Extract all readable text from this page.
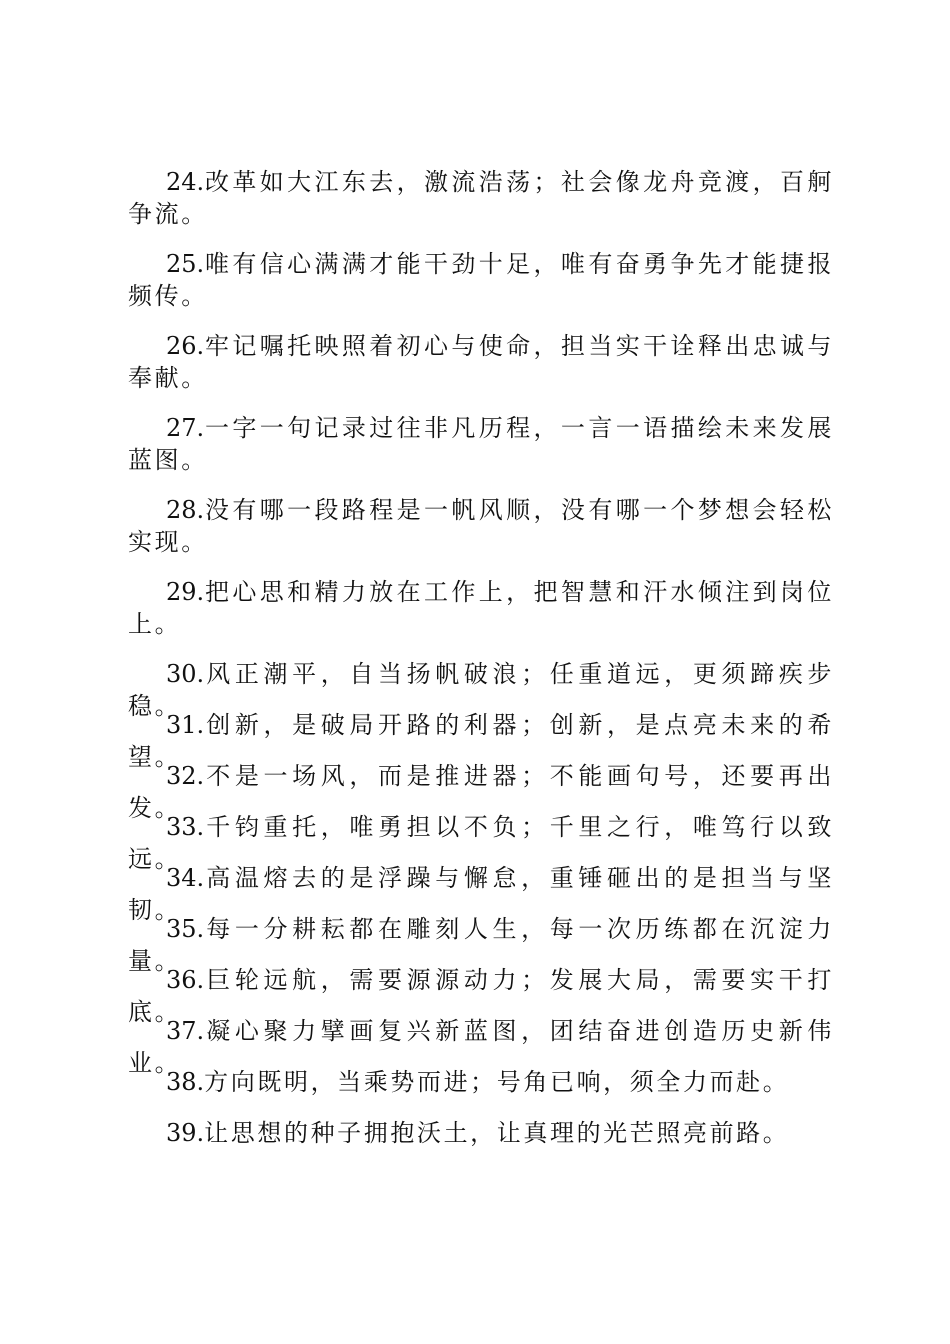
24.改革如大江东去，激流浩荡；社会像龙舟竞渡，百舸争流。

25.唯有信心满满才能干劲十足，唯有奋勇争先才能捷报频传。

26.牢记嘱托映照着初心与使命，担当实干诠释出忠诚与奉献。

27.一字一句记录过往非凡历程，一言一语描绘未来发展蓝图。

28.没有哪一段路程是一帆风顺，没有哪一个梦想会轻松实现。

29.把心思和精力放在工作上，把智慧和汗水倾注到岗位上。

30.风正潮平，自当扬帆破浪；任重道远，更须蹄疾步稳。

31.创新，是破局开路的利器；创新，是点亮未来的希望。

32.不是一场风，而是推进器；不能画句号，还要再出发。

33.千钧重托，唯勇担以不负；千里之行，唯笃行以致远。

34.高温熔去的是浮躁与懈怠，重锤砸出的是担当与坚韧。

35.每一分耕耘都在雕刻人生，每一次历练都在沉淀力量。

36.巨轮远航，需要源源动力；发展大局，需要实干打底。

37.凝心聚力擘画复兴新蓝图，团结奋进创造历史新伟业。

38.方向既明，当乘势而进；号角已响，须全力而赴。

39.让思想的种子拥抱沃土，让真理的光芒照亮前路。
